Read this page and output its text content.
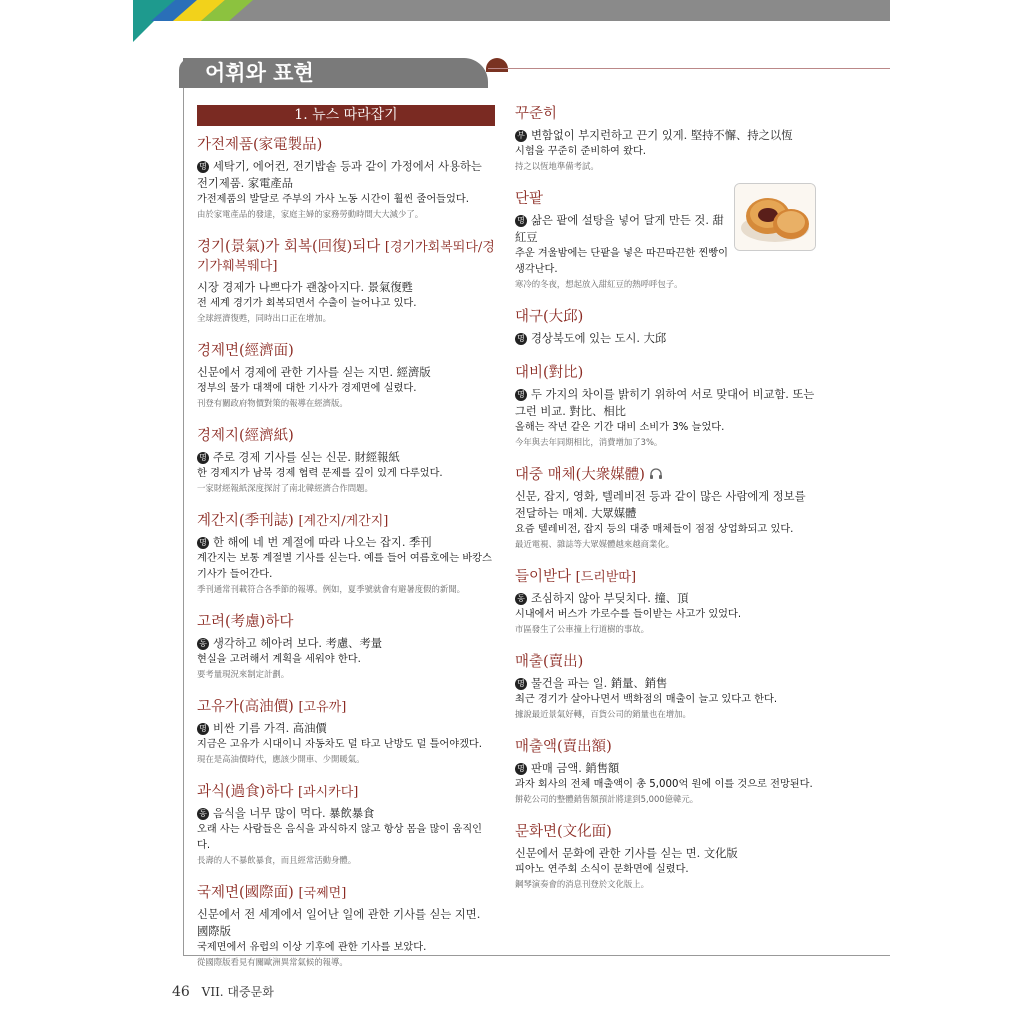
어휘와 표현
1. 뉴스 따라잡기
가전제품(家電製品)
명 세탁기, 에어컨, 전기밥솥 등과 같이 가정에서 사용하는 전기제품. 家電產品
가전제품의 발달로 주부의 가사 노동 시간이 훨씬 줄어들었다.
由於家電產品的發達，家庭主婦的家務勞動時間大大減少了。
경기(景氣)가 회복(回復)되다 [경기가회복뙤다/경기가훼복뛔다]
시장 경제가 나쁘다가 괜찮아지다. 景氣復甦
전 세계 경기가 회복되면서 수출이 늘어나고 있다.
全球經濟復甦，同時出口正在增加。
경제면(經濟面)
신문에서 경제에 관한 기사를 싣는 지면. 經濟版
정부의 물가 대책에 대한 기사가 경제면에 실렸다.
刊登有關政府物價對策的報導在經濟版。
경제지(經濟紙)
명 주로 경제 기사를 싣는 신문. 財經報紙
한 경제지가 남북 경제 협력 문제를 깊이 있게 다루었다.
一家財經報紙深度探討了南北韓經濟合作問題。
계간지(季刊誌) [계간지/게간지]
명 한 해에 네 번 계절에 따라 나오는 잡지. 季刊
계간지는 보통 계절별 기사를 싣는다. 예를 들어 여름호에는 바캉스 기사가 들어간다.
季刊通常刊載符合各季節的報導。例如，夏季號就會有避暑度假的新聞。
고려(考慮)하다
동 생각하고 헤아려 보다. 考慮、考量
현실을 고려해서 계획을 세워야 한다.
要考量現況來制定計劃。
고유가(高油價) [고유까]
명 비싼 기름 가격. 高油價
지금은 고유가 시대이니 자동차도 덜 타고 난방도 덜 틀어야겠다.
現在是高油價時代，應該少開車、少開暖氣。
과식(過食)하다 [과시카다]
동 음식을 너무 많이 먹다. 暴飲暴食
오래 사는 사람들은 음식을 과식하지 않고 항상 몸을 많이 움직인다.
長壽的人不暴飲暴食，而且經常活動身體。
국제면(國際面) [국쩨면]
신문에서 전 세계에서 일어난 일에 관한 기사를 싣는 지면. 國際版
국제면에서 유럽의 이상 기후에 관한 기사를 보았다.
從國際版看見有關歐洲異常氣候的報導。
꾸준히
부 변함없이 부지런하고 끈기 있게. 堅持不懈、持之以恆
시험을 꾸준히 준비하여 왔다.
持之以恆地準備考試。
단팥
명 삶은 팥에 설탕을 넣어 달게 만든 것. 甜紅豆
추운 겨울밤에는 단팥을 넣은 따끈따끈한 찐빵이 생각난다.
寒冷的冬夜，想起放入甜紅豆的熱呼呼包子。
대구(大邱)
명 경상북도에 있는 도시. 大邱
대비(對比)
명 두 가지의 차이를 밝히기 위하여 서로 맞대어 비교함. 또는 그런 비교. 對比、相比
올해는 작년 같은 기간 대비 소비가 3% 늘었다.
今年與去年同期相比，消費增加了3%。
대중 매체(大衆媒體)
신문, 잡지, 영화, 텔레비전 등과 같이 많은 사람에게 정보를 전달하는 매체. 大眾媒體
요즘 텔레비전, 잡지 등의 대중 매체들이 점점 상업화되고 있다.
最近電視、雜誌等大眾媒體越來越商業化。
들이받다 [드리받따]
동 조심하지 않아 부딪치다. 撞、頂
시내에서 버스가 가로수를 들이받는 사고가 있었다.
市區發生了公車撞上行道樹的事故。
매출(賣出)
명 물건을 파는 일. 銷量、銷售
최근 경기가 살아나면서 백화점의 매출이 늘고 있다고 한다.
據說最近景氣好轉，百貨公司的銷量也在增加。
매출액(賣出額)
명 판매 금액. 銷售額
과자 회사의 전체 매출액이 총 5,000억 원에 이를 것으로 전망된다.
餅乾公司的整體銷售額預計將達到5,000億韓元。
문화면(文化面)
신문에서 문화에 관한 기사를 싣는 면. 文化版
피아노 연주회 소식이 문화면에 실렸다.
鋼琴演奏會的消息刊登於文化版上。
46 VII. 대중문화
